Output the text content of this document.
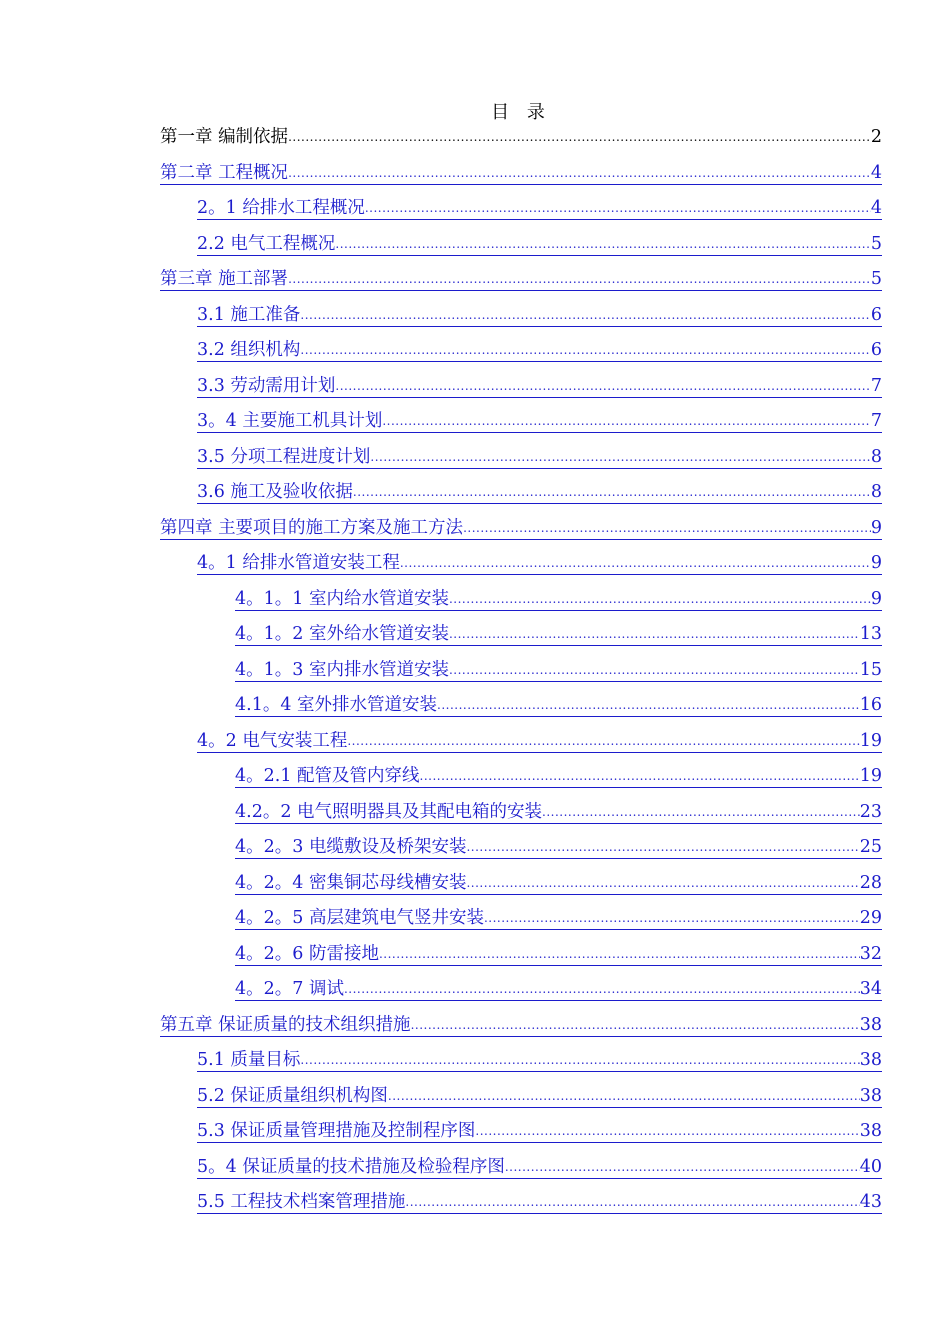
目 录
第一章 编制依据 .....	2
第二章 工程概况 .....	4
2。1 给排水工程概况 .....	4
2.2 电气工程概况 .....	5
第三章 施工部署 .....	5
3.1 施工准备 .....	6
3.2 组织机构 .....	6
3.3 劳动需用计划 .....	7
3。4 主要施工机具计划 .....	7
3.5 分项工程进度计划 .....	8
3.6 施工及验收依据 .....	8
第四章 主要项目的施工方案及施工方法 .....	9
4。1 给排水管道安装工程 .....	9
4。1。1 室内给水管道安装 .....	9
4。1。2 室外给水管道安装 .....	13
4。1。3 室内排水管道安装 .....	15
4.1。4 室外排水管道安装 .....	16
4。2 电气安装工程 .....	19
4。2.1 配管及管内穿线 .....	19
4.2。2 电气照明器具及其配电箱的安装 .....	23
4。2。3 电缆敷设及桥架安装 .....	25
4。2。4 密集铜芯母线槽安装 .....	28
4。2。5 高层建筑电气竖井安装 .....	29
4。2。6 防雷接地 .....	32
4。2。7 调试 .....	34
第五章 保证质量的技术组织措施 .....	38
5.1 质量目标 .....	38
5.2 保证质量组织机构图 .....	38
5.3 保证质量管理措施及控制程序图 .....	38
5。4 保证质量的技术措施及检验程序图 .....	40
5.5 工程技术档案管理措施 .....	43
